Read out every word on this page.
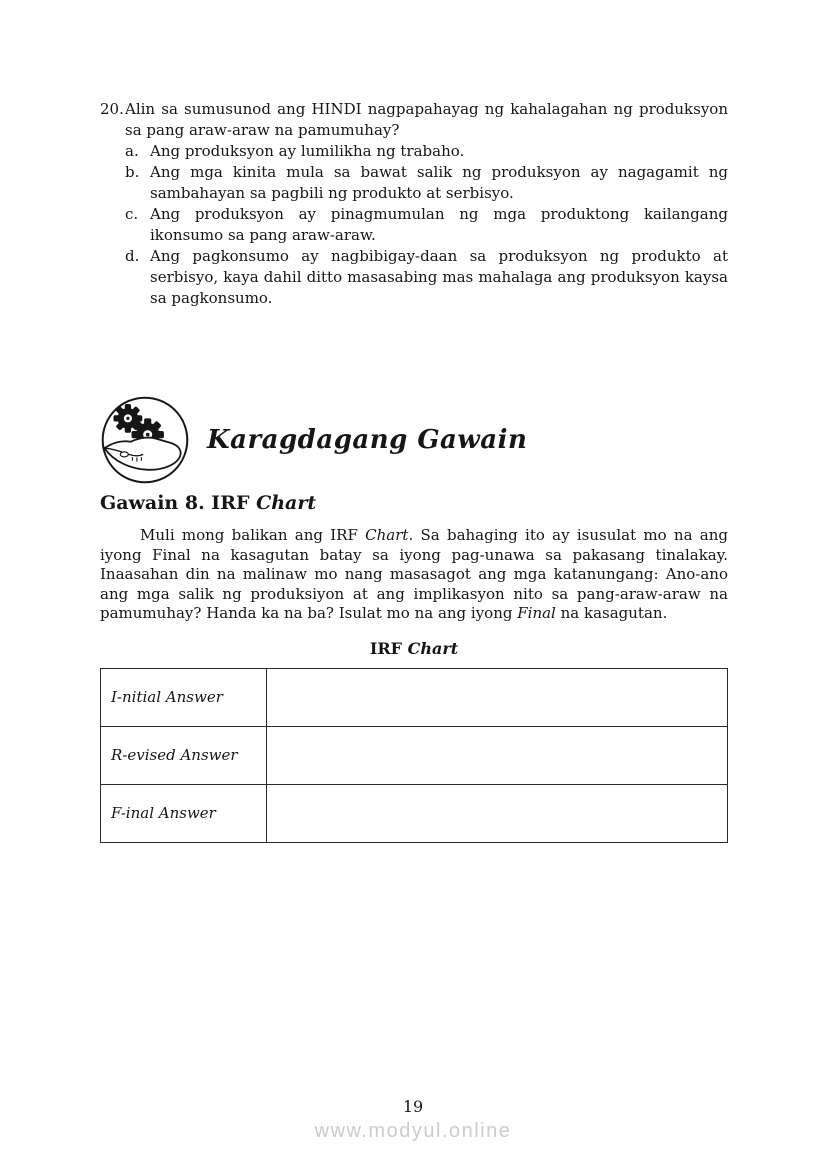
20. Alin sa sumusunod ang HINDI nagpapahayag ng kahalagahan ng produksyon sa pang araw-araw na pamumuhay?
a. Ang produksyon ay lumilikha ng trabaho.
b. Ang mga kinita mula sa bawat salik ng produksyon ay nagagamit ng sambahayan sa pagbili ng produkto at serbisyo.
c. Ang produksyon ay pinagmumulan ng mga produktong kailangang ikonsumo sa pang araw-araw.
d. Ang pagkonsumo ay nagbibigay-daan sa produksyon ng produkto at serbisyo, kaya dahil ditto masasabing mas mahalaga ang produksyon kaysa sa pagkonsumo.
Karagdagang Gawain
Gawain 8. IRF Chart
Muli mong balikan ang IRF Chart. Sa bahaging ito ay isusulat mo na ang iyong Final na kasagutan batay sa iyong pag-unawa sa pakasang tinalakay. Inaasahan din na malinaw mo nang masasagot ang mga katanungang: Ano-ano ang mga salik ng produksiyon at ang implikasyon nito sa pang-araw-araw na pamumuhay? Handa ka na ba? Isulat mo na ang iyong Final na kasagutan.
IRF Chart
I-nitial Answer	
R-evised Answer	
F-inal Answer	
19
www.modyul.online
